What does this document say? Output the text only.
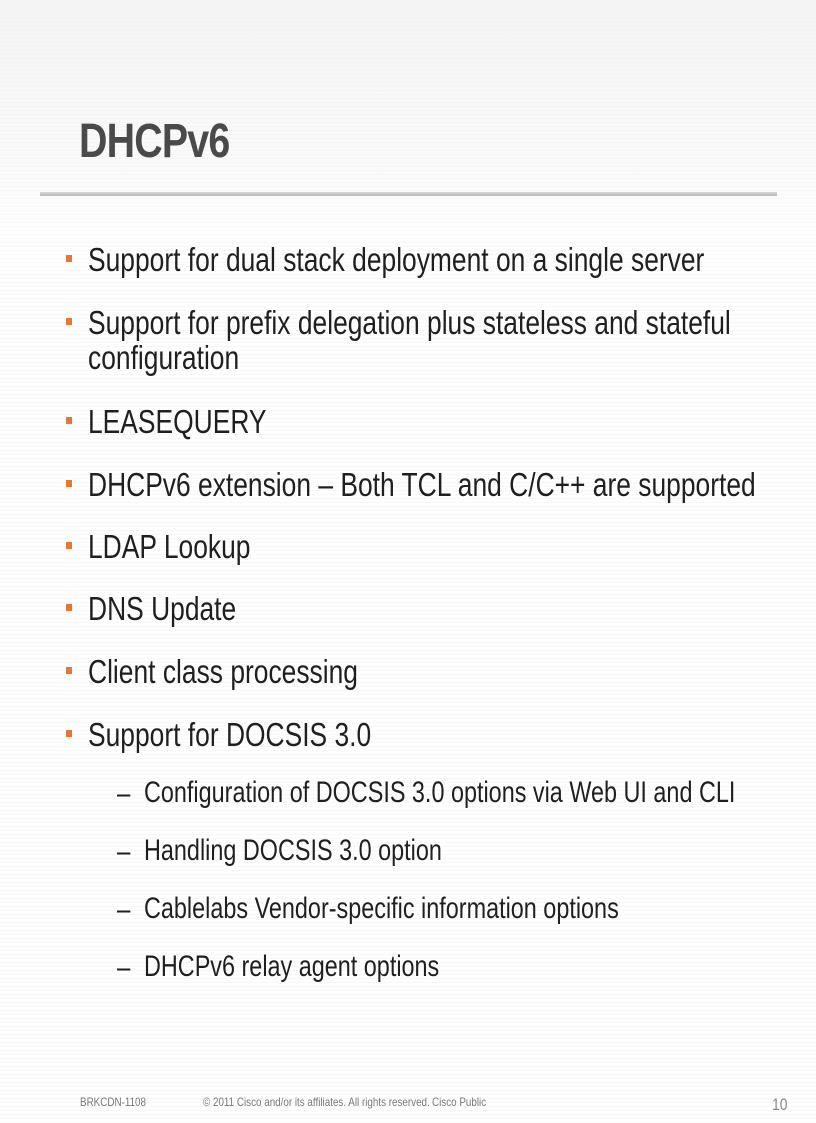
DHCPv6
Support for dual stack deployment on a single server
Support for prefix delegation plus stateless and stateful
configuration
LEASEQUERY
DHCPv6 extension – Both TCL and C/C++ are supported
LDAP Lookup
DNS Update
Client class processing
Support for DOCSIS 3.0
– Configuration of DOCSIS 3.0 options via Web UI and CLI
– Handling DOCSIS 3.0 option
– Cablelabs Vendor-specific information options
– DHCPv6 relay agent options
BRKCDN-1108	© 2011 Cisco and/or its affiliates. All rights reserved. Cisco Public	10
